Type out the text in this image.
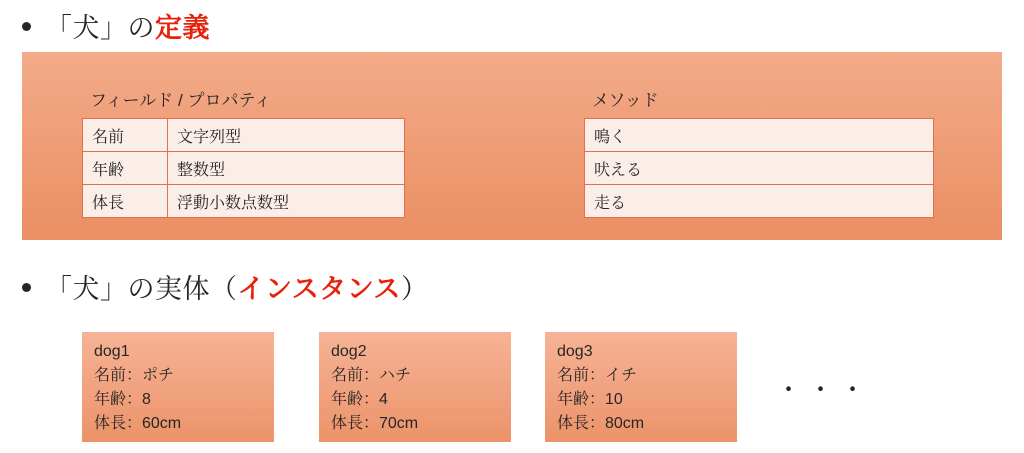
「犬」の定義
フィールド / プロパティ	メソッド
名前	文字列型
年齢	整数型
体長	浮動小数点数型
鳴く
吠える
走る
「犬」の実体（インスタンス）
dog1
名前：ポチ
年齢：8
体長：60cm
dog2
名前：ハチ
年齢：4
体長：70cm
dog3
名前：イチ
年齢：10
体長：80cm
・・・
